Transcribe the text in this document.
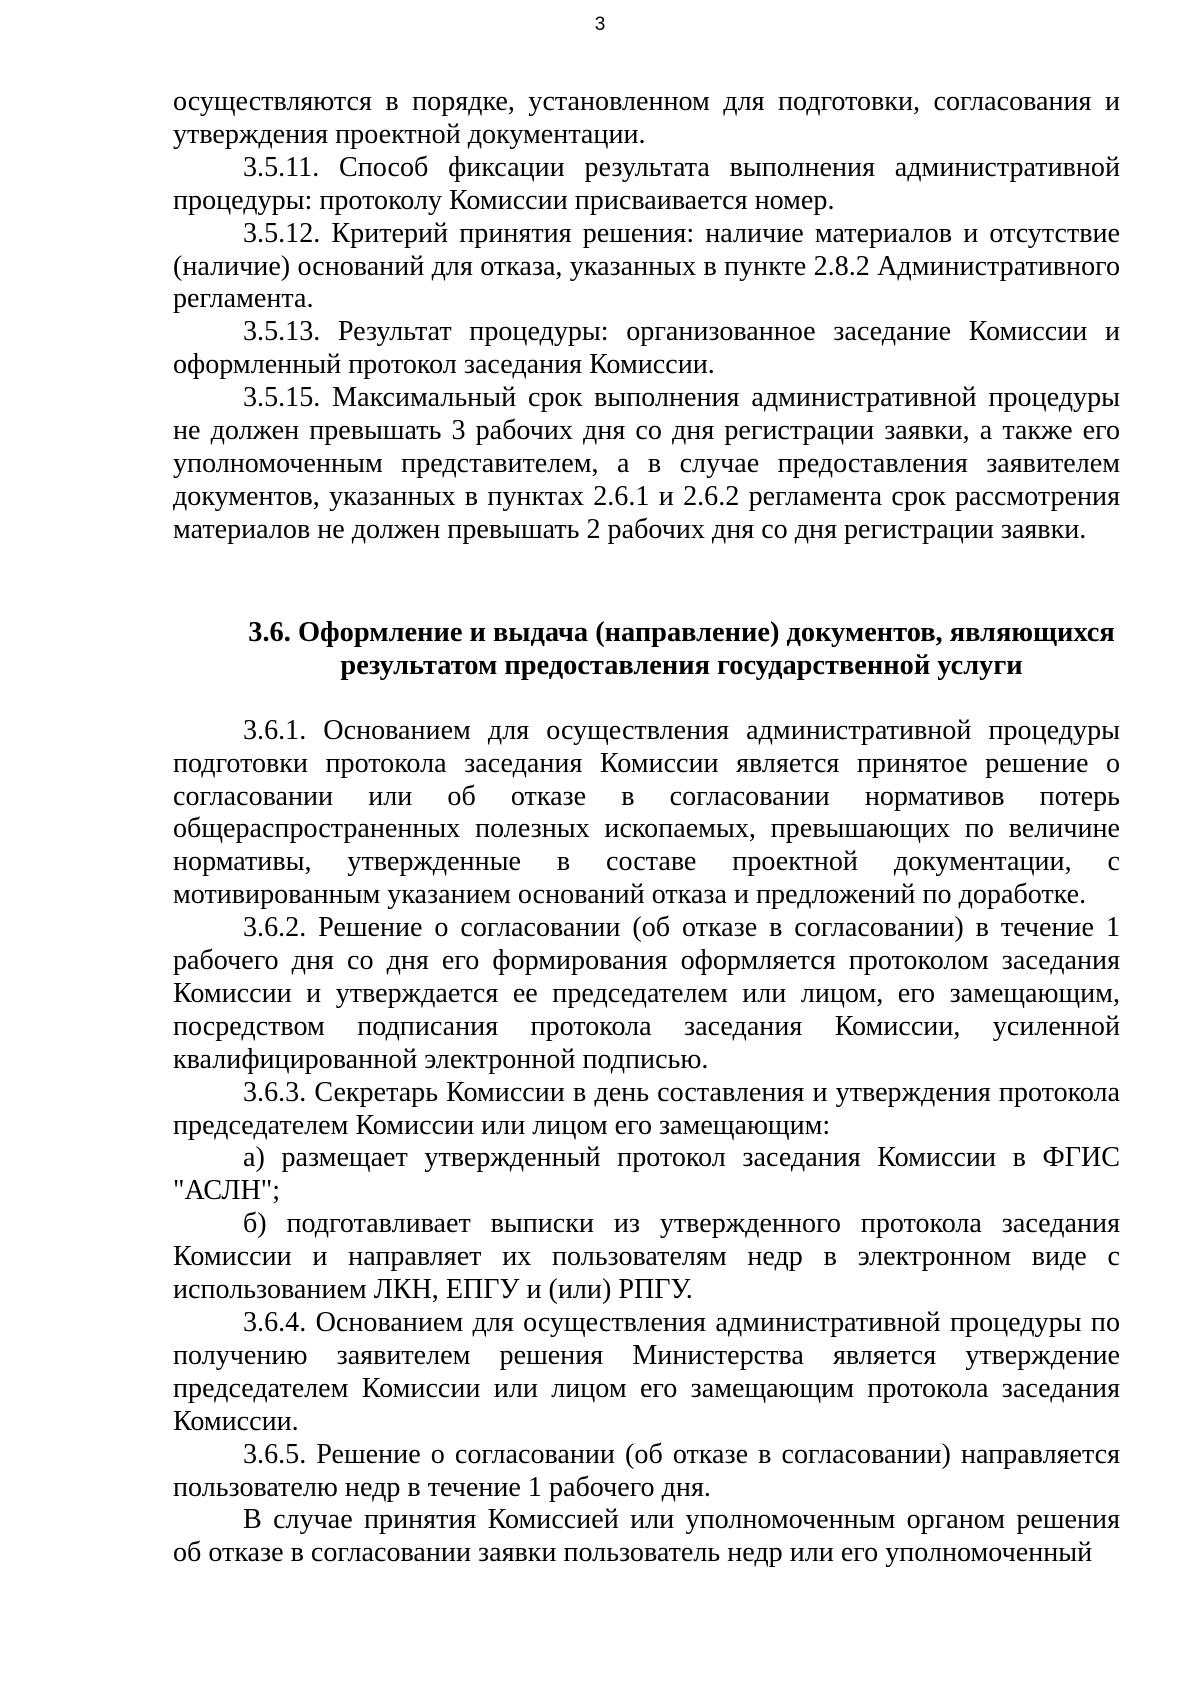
3

осуществляются в порядке, установленном для подготовки, согласования и утверждения проектной документации.

3.5.11. Способ фиксации результата выполнения административной процедуры: протоколу Комиссии присваивается номер.

3.5.12. Критерий принятия решения: наличие материалов и отсутствие (наличие) оснований для отказа, указанных в пункте 2.8.2 Административного регламента.

3.5.13. Результат процедуры: организованное заседание Комиссии и оформленный протокол заседания Комиссии.

3.5.15. Максимальный срок выполнения административной процедуры не должен превышать 3 рабочих дня со дня регистрации заявки, а также его уполномоченным представителем, а в случае предоставления заявителем документов, указанных в пунктах 2.6.1 и 2.6.2 регламента срок рассмотрения материалов не должен превышать 2 рабочих дня со дня регистрации заявки.

3.6. Оформление и выдача (направление) документов, являющихся
результатом предоставления государственной услуги

3.6.1. Основанием для осуществления административной процедуры подготовки протокола заседания Комиссии является принятое решение о согласовании или об отказе в согласовании нормативов потерь общераспространенных полезных ископаемых, превышающих по величине нормативы, утвержденные в составе проектной документации, с мотивированным указанием оснований отказа и предложений по доработке.

3.6.2. Решение о согласовании (об отказе в согласовании) в течение 1 рабочего дня со дня его формирования оформляется протоколом заседания Комиссии и утверждается ее председателем или лицом, его замещающим, посредством подписания протокола заседания Комиссии, усиленной квалифицированной электронной подписью.

3.6.3. Секретарь Комиссии в день составления и утверждения протокола председателем Комиссии или лицом его замещающим:

а) размещает утвержденный протокол заседания Комиссии в ФГИС "АСЛН";

б) подготавливает выписки из утвержденного протокола заседания Комиссии и направляет их пользователям недр в электронном виде с использованием ЛКН, ЕПГУ и (или) РПГУ.

3.6.4. Основанием для осуществления административной процедуры по получению заявителем решения Министерства является утверждение председателем Комиссии или лицом его замещающим протокола заседания Комиссии.

3.6.5. Решение о согласовании (об отказе в согласовании) направляется пользователю недр в течение 1 рабочего дня.

В случае принятия Комиссией или уполномоченным органом решения об отказе в согласовании заявки пользователь недр или его уполномоченный
